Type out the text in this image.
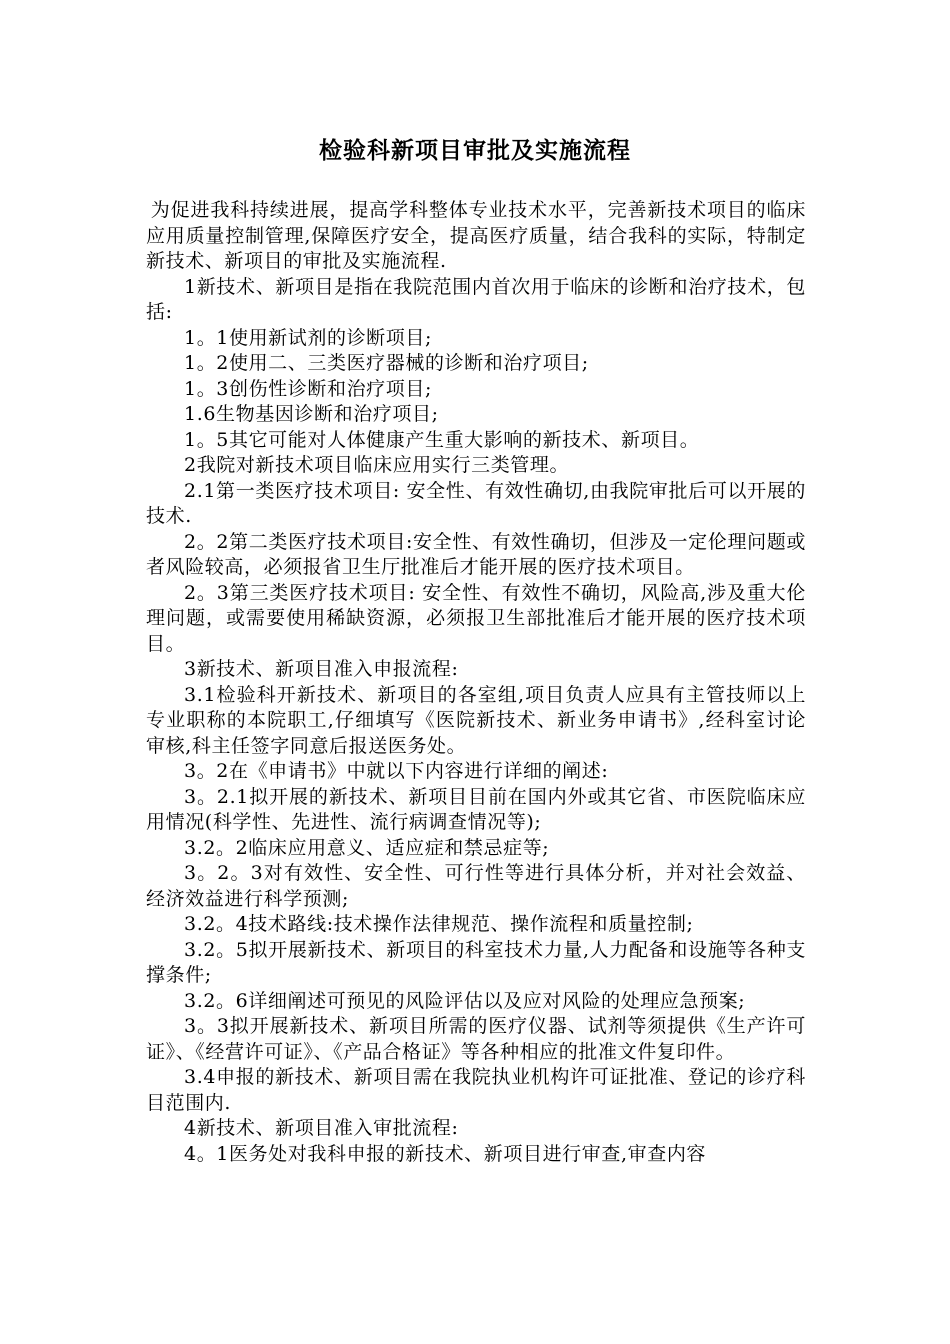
检验科新项目审批及实施流程

为促进我科持续进展，提高学科整体专业技术水平，完善新技术项目的临床应用质量控制管理,保障医疗安全，提高医疗质量，结合我科的实际，特制定新技术、新项目的审批及实施流程.

1新技术、新项目是指在我院范围内首次用于临床的诊断和治疗技术，包括:

1。1使用新试剂的诊断项目;

1。2使用二、三类医疗器械的诊断和治疗项目;

1。3创伤性诊断和治疗项目;

1.6生物基因诊断和治疗项目;

1。5其它可能对人体健康产生重大影响的新技术、新项目。

2我院对新技术项目临床应用实行三类管理。

2.1第一类医疗技术项目: 安全性、有效性确切,由我院审批后可以开展的技术.

2。2第二类医疗技术项目:安全性、有效性确切，但涉及一定伦理问题或者风险较高，必须报省卫生厅批准后才能开展的医疗技术项目。

2。3第三类医疗技术项目: 安全性、有效性不确切，风险高,涉及重大伦理问题，或需要使用稀缺资源，必须报卫生部批准后才能开展的医疗技术项目。

3新技术、新项目准入申报流程:

3.1检验科开新技术、新项目的各室组,项目负责人应具有主管技师以上专业职称的本院职工,仔细填写《医院新技术、新业务申请书》,经科室讨论审核,科主任签字同意后报送医务处。

3。2在《申请书》中就以下内容进行详细的阐述:

3。2.1拟开展的新技术、新项目目前在国内外或其它省、市医院临床应用情况(科学性、先进性、流行病调查情况等);

3.2。2临床应用意义、适应症和禁忌症等;

3。2。3对有效性、安全性、可行性等进行具体分析，并对社会效益、经济效益进行科学预测;

3.2。4技术路线:技术操作法律规范、操作流程和质量控制;

3.2。5拟开展新技术、新项目的科室技术力量,人力配备和设施等各种支撑条件;

3.2。6详细阐述可预见的风险评估以及应对风险的处理应急预案;

3。3拟开展新技术、新项目所需的医疗仪器、试剂等须提供《生产许可证》、《经营许可证》、《产品合格证》等各种相应的批准文件复印件。

3.4申报的新技术、新项目需在我院执业机构许可证批准、登记的诊疗科目范围内.

4新技术、新项目准入审批流程:

4。1医务处对我科申报的新技术、新项目进行审查,审查内容
